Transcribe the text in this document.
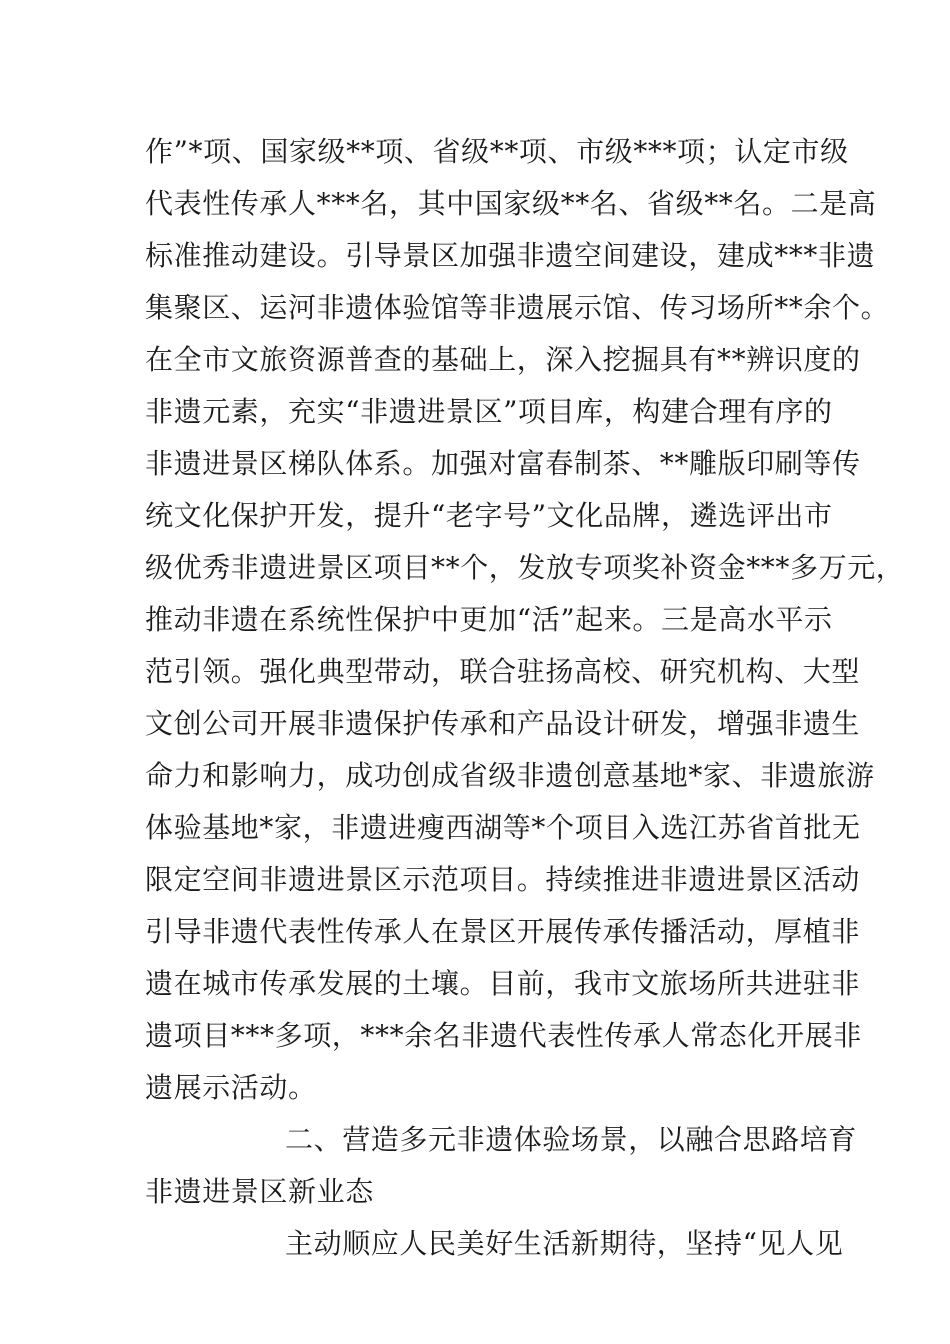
作”*项、国家级**项、省级**项、市级***项；认定市级
代表性传承人***名，其中国家级**名、省级**名。二是高
标准推动建设。引导景区加强非遗空间建设，建成***非遗
集聚区、运河非遗体验馆等非遗展示馆、传习场所**余个。
在全市文旅资源普查的基础上，深入挖掘具有**辨识度的
非遗元素，充实“非遗进景区”项目库，构建合理有序的
非遗进景区梯队体系。加强对富春制茶、**雕版印刷等传
统文化保护开发，提升“老字号”文化品牌，遴选评出市
级优秀非遗进景区项目**个，发放专项奖补资金***多万元，
推动非遗在系统性保护中更加“活”起来。三是高水平示
范引领。强化典型带动，联合驻扬高校、研究机构、大型
文创公司开展非遗保护传承和产品设计研发，增强非遗生
命力和影响力，成功创成省级非遗创意基地*家、非遗旅游
体验基地*家，非遗进瘦西湖等*个项目入选江苏省首批无
限定空间非遗进景区示范项目。持续推进非遗进景区活动
引导非遗代表性传承人在景区开展传承传播活动，厚植非
遗在城市传承发展的土壤。目前，我市文旅场所共进驻非
遗项目***多项，***余名非遗代表性传承人常态化开展非
遗展示活动。
二、营造多元非遗体验场景，以融合思路培育
非遗进景区新业态
主动顺应人民美好生活新期待，坚持“见人见
